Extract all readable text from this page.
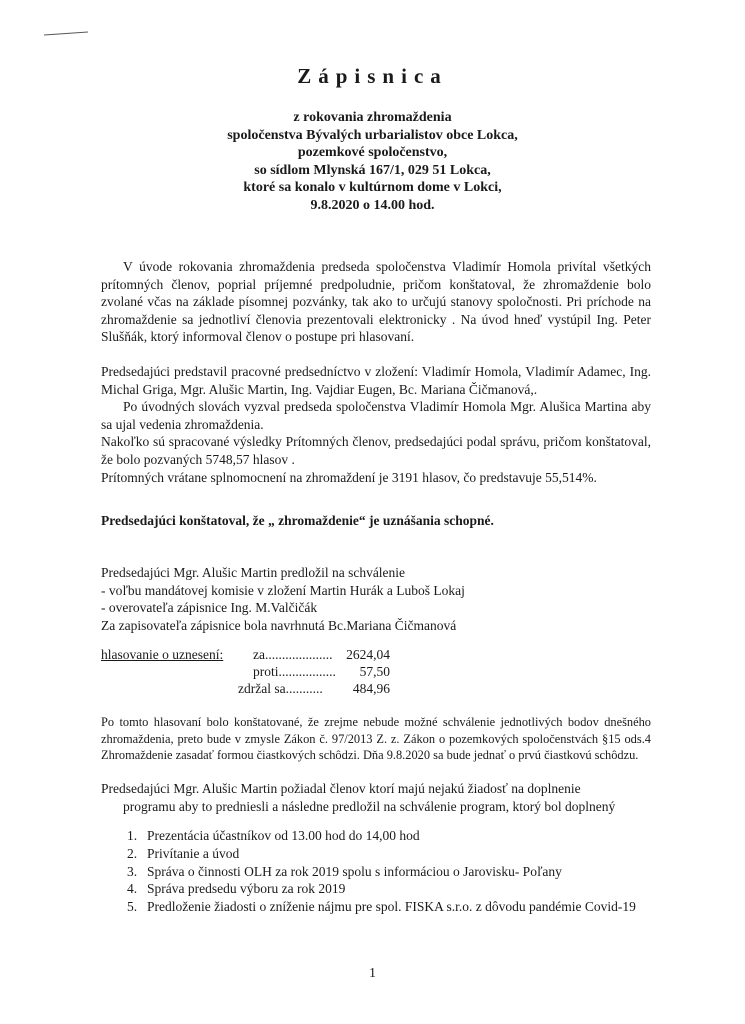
Zápisnica
z rokovania zhromaždenia
spoločenstva Bývalých urbarialistov obce Lokca,
pozemkové spoločenstvo,
so sídlom Mlynská 167/1, 029 51 Lokca,
ktoré sa konalo v kultúrnom dome v Lokci,
9.8.2020 o 14.00 hod.

V úvode rokovania zhromaždenia predseda spoločenstva Vladimír Homola privítal všetkých prítomných členov, poprial príjemné predpoludnie, pričom konštatoval, že zhromaždenie bolo zvolané včas na základe písomnej pozvánky, tak ako to určujú stanovy spoločnosti. Pri príchode na zhromaždenie sa jednotliví členovia prezentovali elektronicky . Na úvod hneď vystúpil Ing. Peter Slušňák, ktorý informoval členov o postupe pri hlasovaní.

Predsedajúci predstavil pracovné predsedníctvo v zložení: Vladimír Homola, Vladimír Adamec, Ing. Michal Griga, Mgr. Alušic Martin, Ing. Vajdiar Eugen, Bc. Mariana Čičmanová,.

Po úvodných slovách vyzval predseda spoločenstva Vladimír Homola Mgr. Alušica Martina aby sa ujal vedenia zhromaždenia.

Nakoľko sú spracované výsledky Prítomných členov, predsedajúci podal správu, pričom konštatoval, že bolo pozvaných 5748,57 hlasov .

Prítomných vrátane splnomocnení na zhromaždení je 3191 hlasov, čo predstavuje 55,514%.

Predsedajúci konštatoval, že „ zhromaždenie“ je uznášania schopné.

Predsedajúci Mgr. Alušic Martin predložil na schválenie

- voľbu mandátovej komisie v zložení Martin Hurák a Luboš Lokaj

- overovateľa zápisnice Ing. M.Valčičák

Za zapisovateľa zápisnice bola navrhnutá Bc.Mariana Čičmanová

hlasovanie o uznesení: za.................... 2624,04
proti................. 57,50
zdržal sa........... 484,96

Po tomto hlasovaní bolo konštatované, že zrejme nebude možné schválenie jednotlivých bodov dnešného zhromaždenia, preto bude v zmysle Zákon č. 97/2013 Z. z. Zákon o pozemkových spoločenstvách §15 ods.4 Zhromaždenie zasadať formou čiastkových schôdzi. Dňa 9.8.2020 sa bude jednať o prvú čiastkovú schôdzu.

Predsedajúci Mgr. Alušic Martin požiadal členov ktorí majú nejakú žiadosť na doplnenie

programu aby to predniesli a následne predložil na schválenie program, ktorý bol doplnený

1. Prezentácia účastníkov od 13.00 hod do 14,00 hod
2. Privítanie a úvod
3. Správa o činnosti OLH za rok 2019 spolu s informáciou o Jarovisku- Poľany
4. Správa predsedu výboru za rok 2019
5. Predloženie žiadosti o zníženie nájmu pre spol. FISKA s.r.o. z dôvodu pandémie Covid-19
1
